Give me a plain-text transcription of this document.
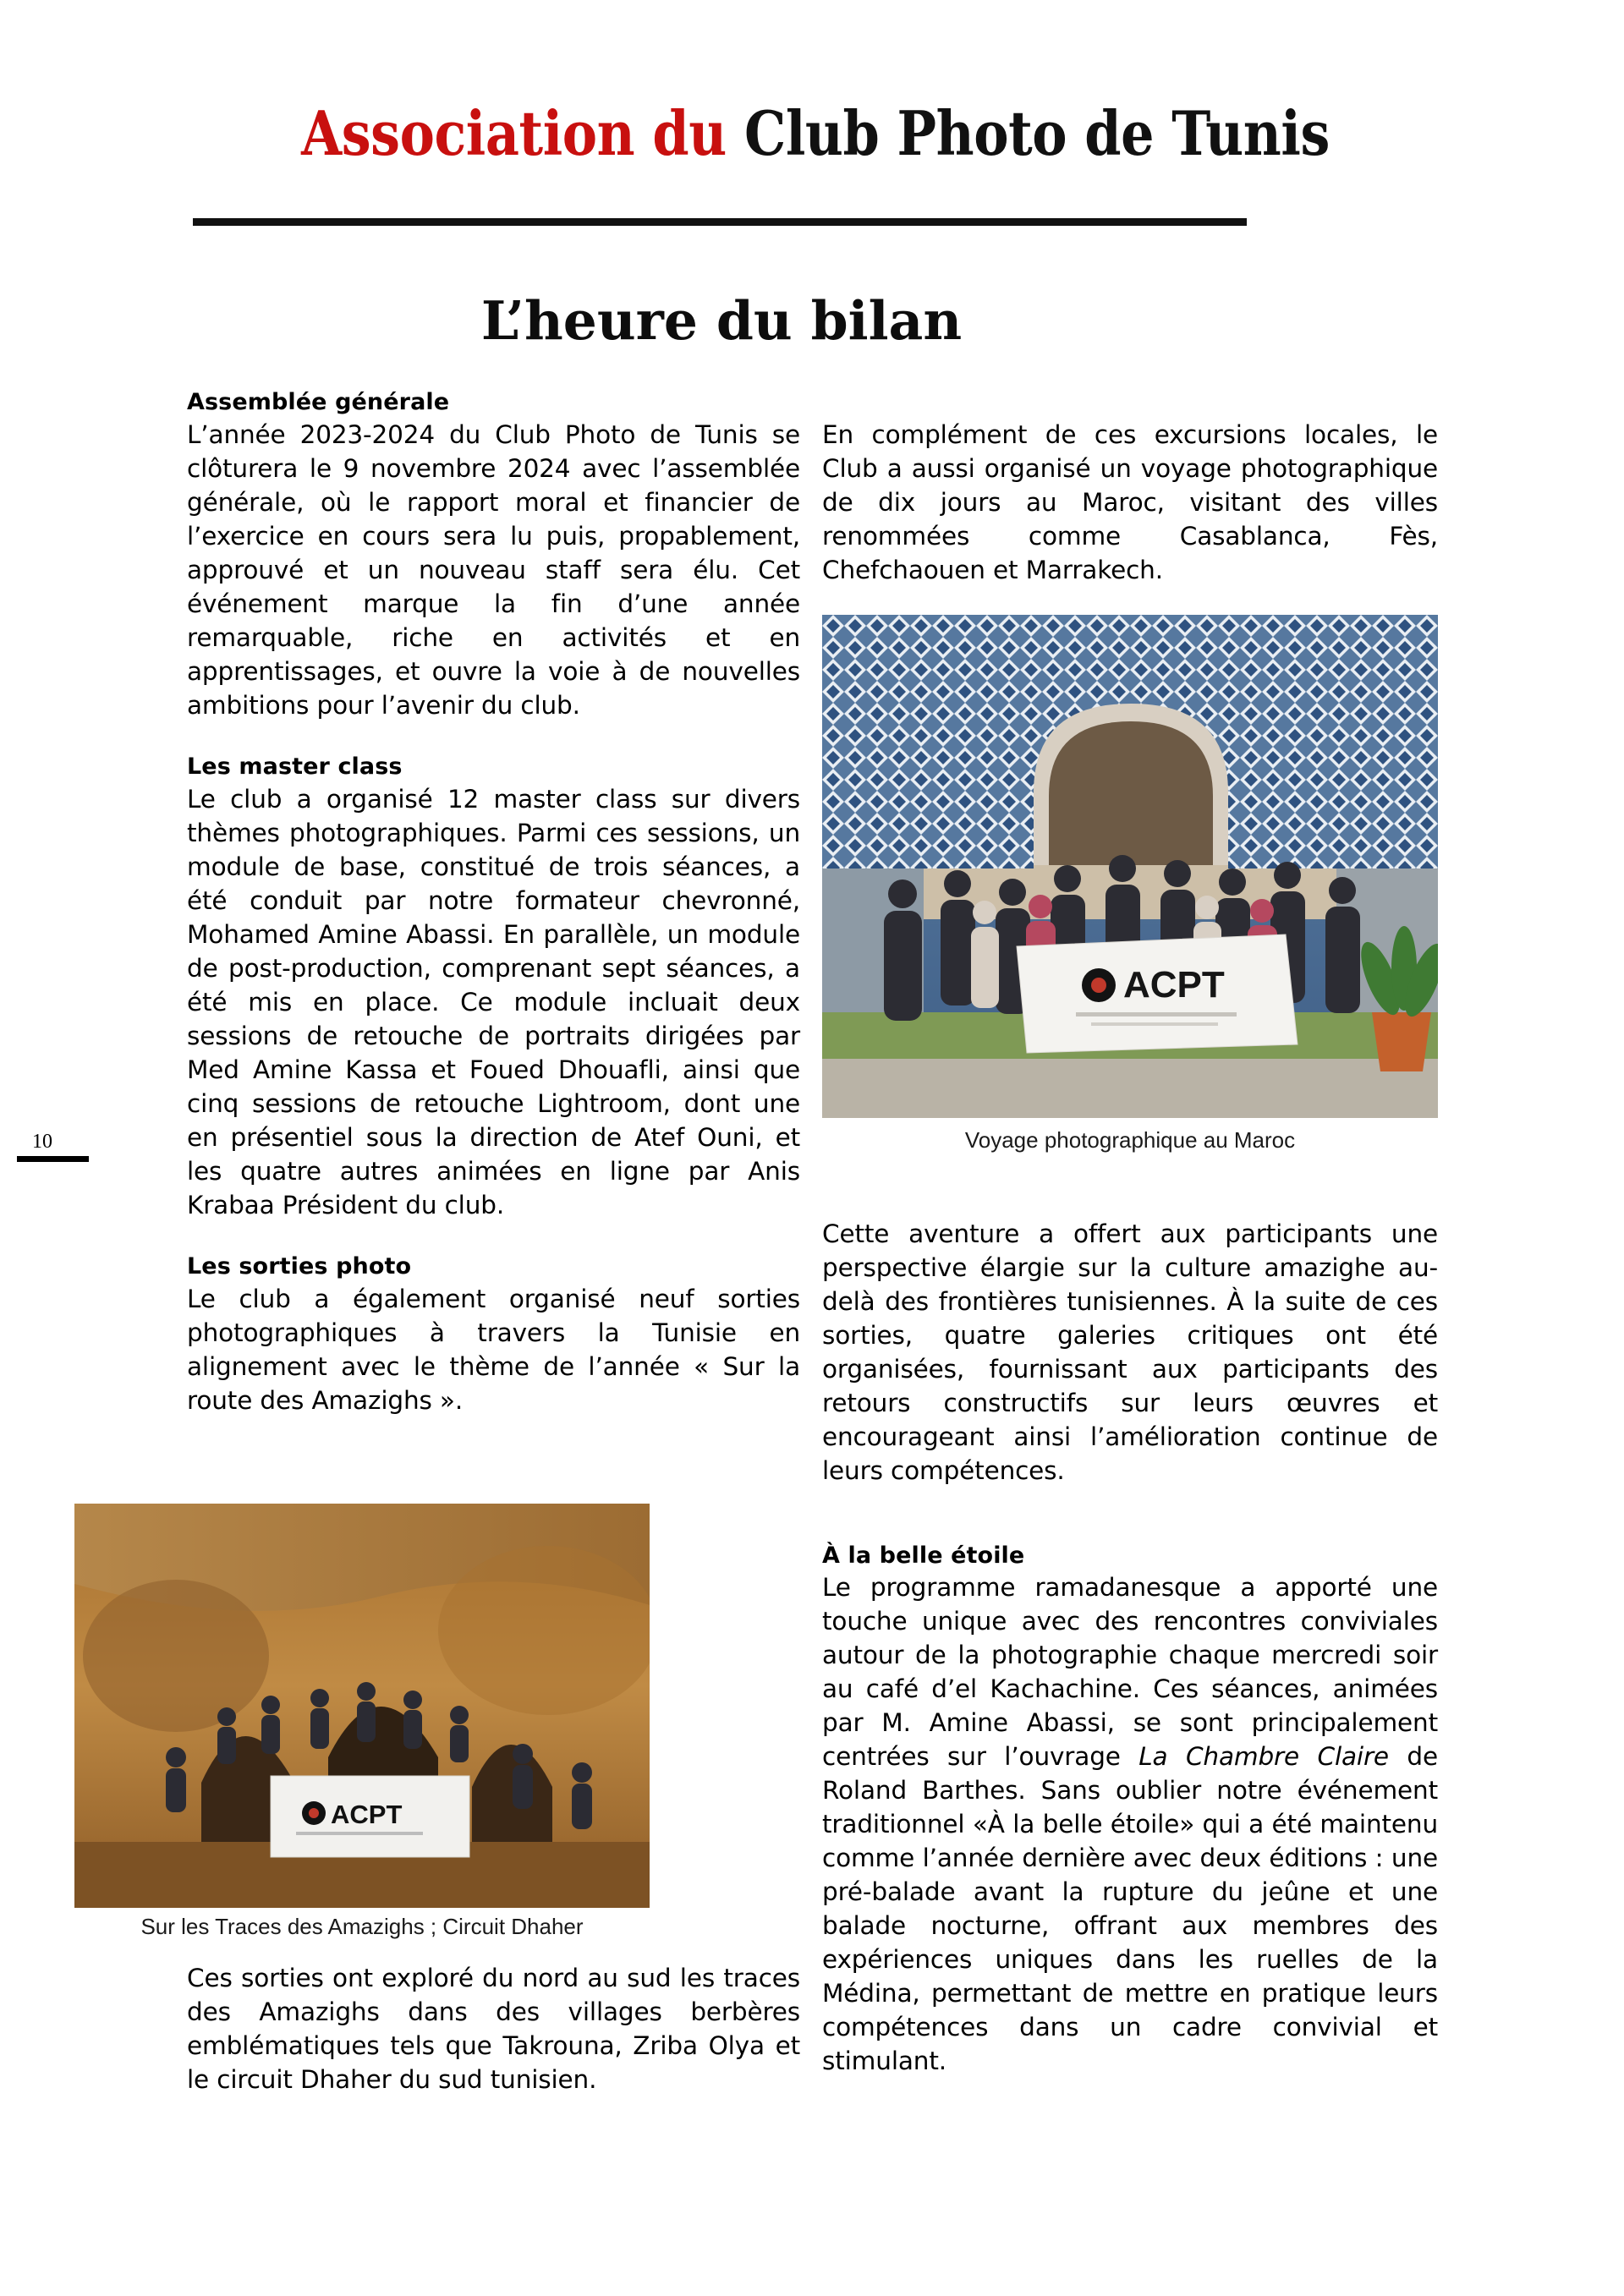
10
Association du Club Photo de Tunis
L’heure du bilan
Assemblée générale

L’année 2023-2024 du Club Photo de Tunis se clôturera le 9 novembre 2024 avec l’assemblée générale, où le rapport moral et financier de l’exercice en cours sera lu puis, propablement, approuvé et un nouveau staff sera élu. Cet événement marque la fin d’une année remarquable, riche en activités et en apprentissages, et ouvre la voie à de nouvelles ambitions pour l’avenir du club.

Les master class

Le club a organisé 12 master class sur divers thèmes photographiques. Parmi ces sessions, un module de base, constitué de trois séances, a été conduit par notre formateur chevronné, Mohamed Amine Abassi. En parallèle, un module de post-production, comprenant sept séances, a été mis en place. Ce module incluait deux sessions de retouche de portraits dirigées par Med Amine Kassa et Foued Dhouafli, ainsi que cinq sessions de retouche Lightroom, dont une en présentiel sous la direction de Atef Ouni, et les quatre autres animées en ligne par Anis Krabaa Président du club.

Les sorties photo

Le club a également organisé neuf sorties photographiques à travers la Tunisie en alignement avec le thème de l’année « Sur la route des Amazighs ».

ACPT
Sur les Traces des Amazighs ; Circuit Dhaher

Ces sorties ont exploré du nord au sud les traces des Amazighs dans des villages berbères emblématiques tels que Takrouna, Zriba Olya et le circuit Dhaher du sud tunisien.

En complément de ces excursions locales, le Club a aussi organisé un voyage photographique de dix jours au Maroc, visitant des villes renommées comme Casablanca, Fès, Chefchaouen et Marrakech.

ACPT
Voyage photographique au Maroc

Cette aventure a offert aux participants une perspective élargie sur la culture amazighe au-delà des frontières tunisiennes. À la suite de ces sorties, quatre galeries critiques ont été organisées, fournissant aux participants des retours constructifs sur leurs œuvres et encourageant ainsi l’amélioration continue de leurs compétences.

À la belle étoile

Le programme ramadanesque a apporté une touche unique avec des rencontres conviviales autour de la photographie chaque mercredi soir au café d’el Kachachine. Ces séances, animées par M. Amine Abassi, se sont principalement centrées sur l’ouvrage La Chambre Claire de Roland Barthes. Sans oublier notre événement traditionnel «À la belle étoile» qui a été maintenu comme l’année dernière avec deux éditions : une pré-balade avant la rupture du jeûne et une balade nocturne, offrant aux membres des expériences uniques dans les ruelles de la Médina, permettant de mettre en pratique leurs compétences dans un cadre convivial et stimulant.
